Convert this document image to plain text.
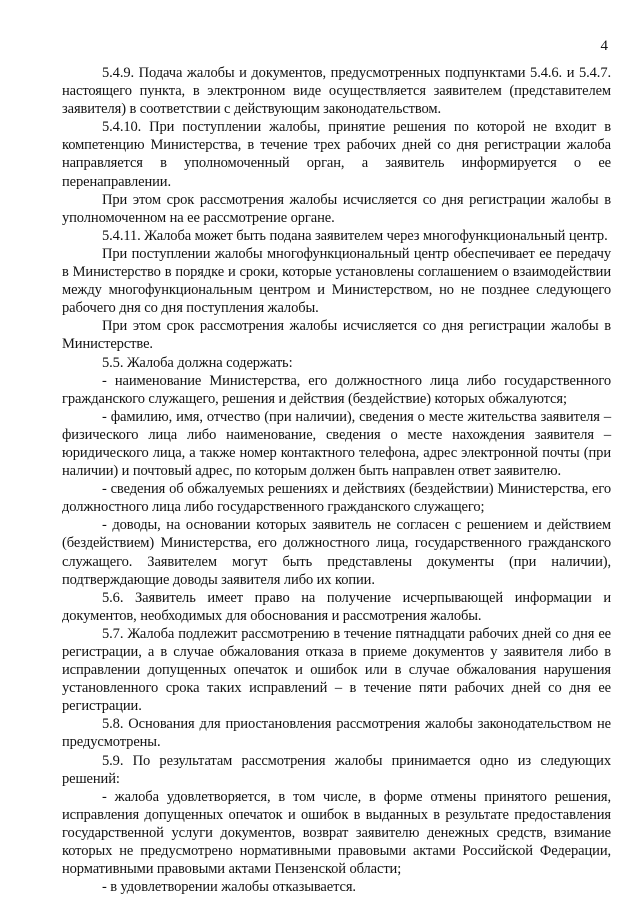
4

5.4.9. Подача жалобы и документов, предусмотренных подпунктами 5.4.6. и 5.4.7. настоящего пункта, в электронном виде осуществляется заявителем (представителем заявителя) в соответствии с действующим законодательством.

5.4.10. При поступлении жалобы, принятие решения по которой не входит в компетенцию Министерства, в течение трех рабочих дней со дня регистрации жалоба направляется в уполномоченный орган, а заявитель информируется о ее перенаправлении.

При этом срок рассмотрения жалобы исчисляется со дня регистрации жалобы в уполномоченном на ее рассмотрение органе.

5.4.11. Жалоба может быть подана заявителем через многофункциональный центр.

При поступлении жалобы многофункциональный центр обеспечивает ее передачу в Министерство в порядке и сроки, которые установлены соглашением о взаимодействии между многофункциональным центром и Министерством, но не позднее следующего рабочего дня со дня поступления жалобы.

При этом срок рассмотрения жалобы исчисляется со дня регистрации жалобы в Министерстве.

5.5. Жалоба должна содержать:

- наименование Министерства, его должностного лица либо государственного гражданского служащего, решения и действия (бездействие) которых обжалуются;

- фамилию, имя, отчество (при наличии), сведения о месте жительства заявителя – физического лица либо наименование, сведения о месте нахождения заявителя – юридического лица, а также номер контактного телефона, адрес электронной почты (при наличии) и почтовый адрес, по которым должен быть направлен ответ заявителю.

- сведения об обжалуемых решениях и действиях (бездействии) Министерства, его должностного лица либо государственного гражданского служащего;

- доводы, на основании которых заявитель не согласен с решением и действием (бездействием) Министерства, его должностного лица, государственного гражданского служащего. Заявителем могут быть представлены документы (при наличии), подтверждающие доводы заявителя либо их копии.

5.6. Заявитель имеет право на получение исчерпывающей информации и документов, необходимых для обоснования и рассмотрения жалобы.

5.7. Жалоба подлежит рассмотрению в течение пятнадцати рабочих дней со дня ее регистрации, а в случае обжалования отказа в приеме документов у заявителя либо в исправлении допущенных опечаток и ошибок или в случае обжалования нарушения установленного срока таких исправлений – в течение пяти рабочих дней со дня ее регистрации.

5.8. Основания для приостановления рассмотрения жалобы законодательством не предусмотрены.

5.9. По результатам рассмотрения жалобы принимается одно из следующих решений:

- жалоба удовлетворяется, в том числе, в форме отмены принятого решения, исправления допущенных опечаток и ошибок в выданных в результате предоставления государственной услуги документов, возврат заявителю денежных средств, взимание которых не предусмотрено нормативными правовыми актами Российской Федерации, нормативными правовыми актами Пензенской области;

- в удовлетворении жалобы отказывается.
